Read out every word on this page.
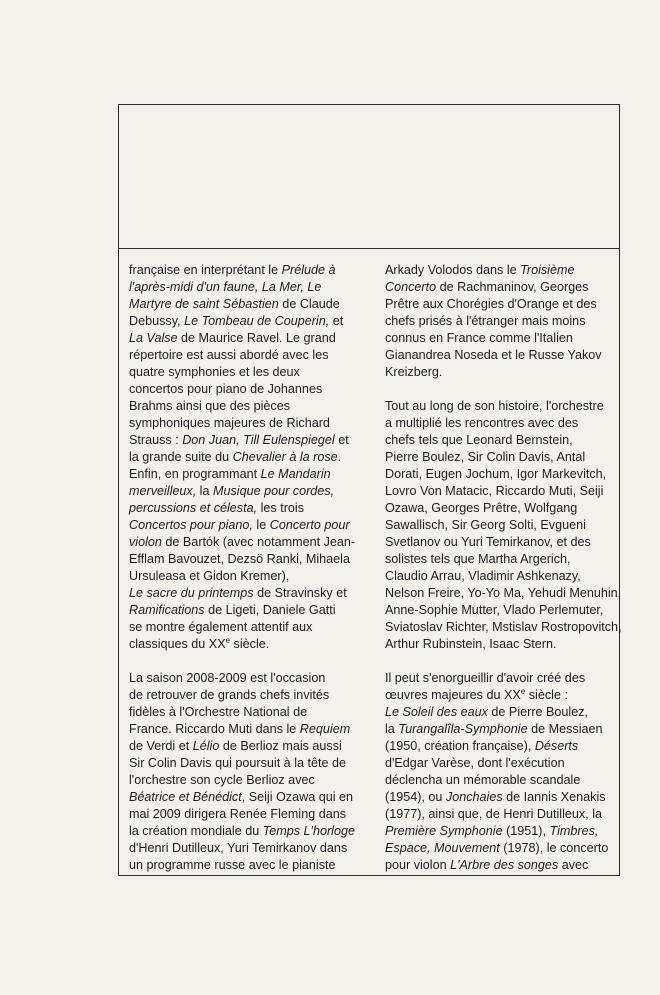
française en interprétant le Prélude à

l'après-midi d'un faune, La Mer, Le

Martyre de saint Sébastien de Claude

Debussy, Le Tombeau de Couperin, et

La Valse de Maurice Ravel. Le grand

répertoire est aussi abordé avec les

quatre symphonies et les deux

concertos pour piano de Johannes

Brahms ainsi que des pièces

symphoniques majeures de Richard

Strauss : Don Juan, Till Eulenspiegel et

la grande suite du Chevalier à la rose.

Enfin, en programmant Le Mandarin

merveilleux, la Musique pour cordes,

percussions et célesta, les trois

Concertos pour piano, le Concerto pour

violon de Bartók (avec notamment Jean-

Efflam Bavouzet, Dezsö Ranki, Mihaela

Ursuleasa et Gidon Kremer),

Le sacre du printemps de Stravinsky et

Ramifications de Ligeti, Daniele Gatti

se montre également attentif aux

classiques du XXe siècle.

La saison 2008-2009 est l'occasion

de retrouver de grands chefs invités

fidèles à l'Orchestre National de

France. Riccardo Muti dans le Requiem

de Verdi et Lélio de Berlioz mais aussi

Sir Colin Davis qui poursuit à la tête de

l'orchestre son cycle Berlioz avec

Béatrice et Bénédict, Seiji Ozawa qui en

mai 2009 dirigera Renée Fleming dans

la création mondiale du Temps L'horloge

d'Henri Dutilleux, Yuri Temirkanov dans

un programme russe avec le pianiste

Arkady Volodos dans le Troisième

Concerto de Rachmaninov, Georges

Prêtre aux Chorégies d'Orange et des

chefs prisés à l'étranger mais moins

connus en France comme l'Italien

Gianandrea Noseda et le Russe Yakov

Kreizberg.

Tout au long de son histoire, l'orchestre

a multiplié les rencontres avec des

chefs tels que Leonard Bernstein,

Pierre Boulez, Sir Colin Davis, Antal

Dorati, Eugen Jochum, Igor Markevitch,

Lovro Von Matacic, Riccardo Muti, Seiji

Ozawa, Georges Prêtre, Wolfgang

Sawallisch, Sir Georg Solti, Evgueni

Svetlanov ou Yuri Temirkanov, et des

solistes tels que Martha Argerich,

Claudio Arrau, Vladimir Ashkenazy,

Nelson Freire, Yo-Yo Ma, Yehudi Menuhin,

Anne-Sophie Mutter, Vlado Perlemuter,

Sviatoslav Richter, Mstislav Rostropovitch,

Arthur Rubinstein, Isaac Stern.

Il peut s'enorgueillir d'avoir créé des

œuvres majeures du XXe siècle :

Le Soleil des eaux de Pierre Boulez,

la Turangalîla-Symphonie de Messiaen

(1950, création française), Déserts

d'Edgar Varèse, dont l'exécution

déclencha un mémorable scandale

(1954), ou Jonchaies de Iannis Xenakis

(1977), ainsi que, de Henri Dutilleux, la

Première Symphonie (1951), Timbres,

Espace, Mouvement (1978), le concerto

pour violon L'Arbre des songes avec
